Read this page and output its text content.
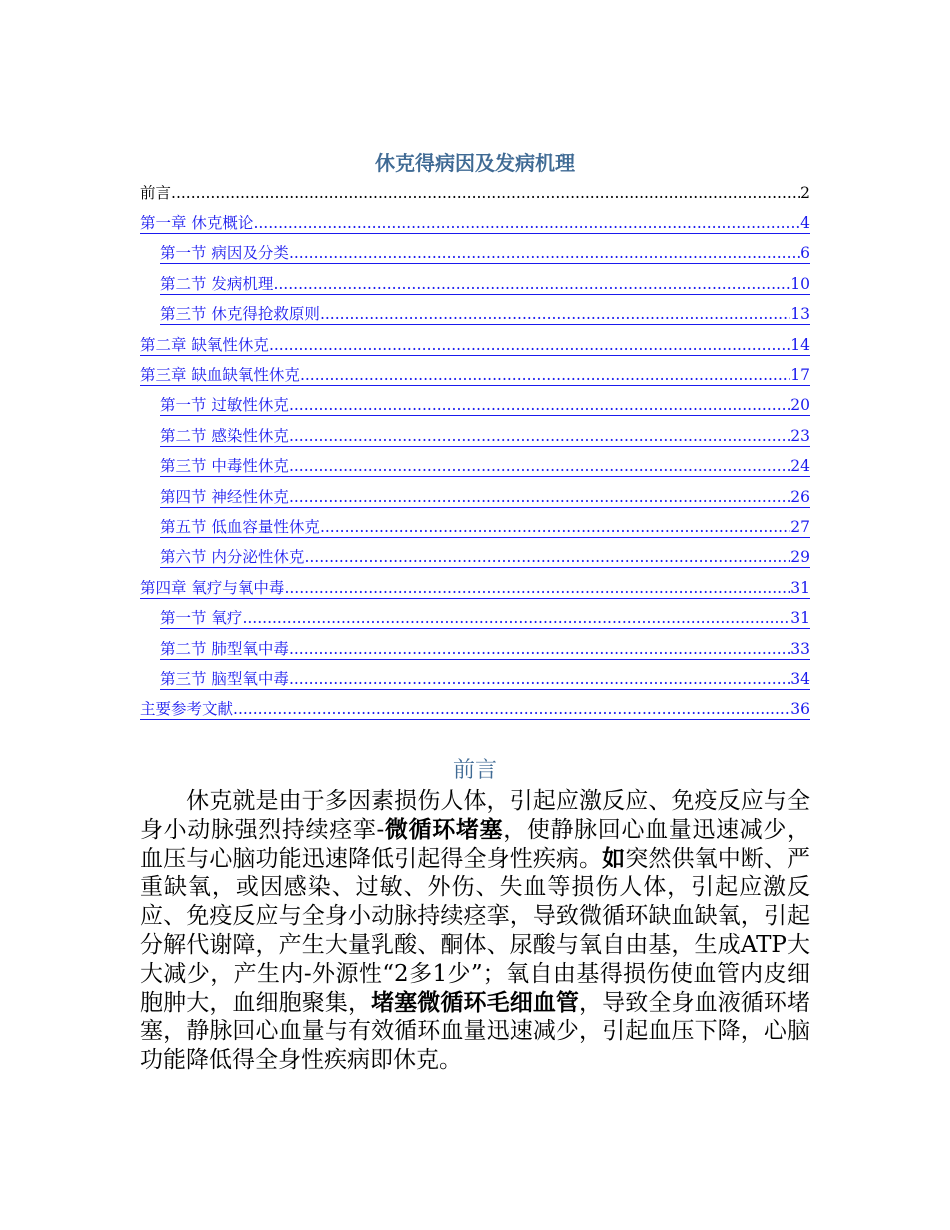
休克得病因及发病机理
前言 .....	2
第一章 休克概论 .....	4
第一节 病因及分类 .....	6
第二节 发病机理 .....	10
第三节 休克得抢救原则 .....	13
第二章 缺氧性休克 .....	14
第三章 缺血缺氧性休克 .....	17
第一节 过敏性休克 .....	20
第二节 感染性休克 .....	23
第三节 中毒性休克 .....	24
第四节 神经性休克 .....	26
第五节 低血容量性休克 .....	27
第六节 内分泌性休克 .....	29
第四章 氧疗与氧中毒 .....	31
第一节 氧疗 .....	31
第二节 肺型氧中毒 .....	33
第三节 脑型氧中毒 .....	34
主要参考文献 .....	36
前言
休克就是由于多因素损伤人体，引起应激反应、免疫反应与全身小动脉强烈持续痉挛-微循环堵塞，使静脉回心血量迅速减少，血压与心脑功能迅速降低引起得全身性疾病。如突然供氧中断、严重缺氧，或因感染、过敏、外伤、失血等损伤人体，引起应激反应、免疫反应与全身小动脉持续痉挛，导致微循环缺血缺氧，引起分解代谢障，产生大量乳酸、酮体、尿酸与氧自由基，生成ATP大大减少，产生内-外源性“2多1少”；氧自由基得损伤使血管内皮细胞肿大，血细胞聚集，堵塞微循环毛细血管，导致全身血液循环堵塞，静脉回心血量与有效循环血量迅速减少，引起血压下降，心脑功能降低得全身性疾病即休克。
